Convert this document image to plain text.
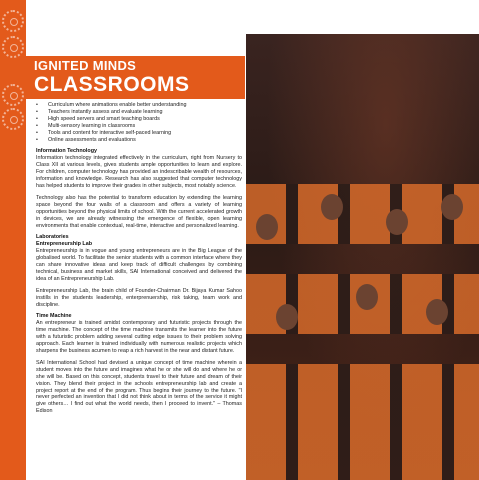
IGNITED MINDS
CLASSROOMS
• Curriculum where animations enable better understanding
• Teachers instantly assess and evaluate learning
• High speed servers and smart teaching boards
• Multi-sensory learning in classrooms
• Tools and content for interactive self-paced learning
• Online assessments and evaluations
Information Technology

Information technology integrated effectively in the curriculum, right from Nursery to Class XII at various levels, gives students ample opportunities to learn and explore. For children, computer technology has provided an indescribable wealth of resources, information and knowledge. Research has also suggested that computer technology has helped students to improve their grades in other subjects, most notably science.

Technology also has the potential to transform education by extending the learning space beyond the four walls of a classroom and offers a variety of learning opportunities beyond the physical limits of school. With the current accelerated growth in devices, we are already witnessing the emergence of flexible, open learning environments that enable contextual, real-time, interactive and personalized learning.

Laboratories
Entrepreneurship Lab

Entrepreneurship is in vogue and young entrepreneurs are in the Big League of the globalised world. To facilitate the senior students with a common interface where they can share innovative ideas and keep track of difficult challenges by combining technical, business and market skills, SAI International conceived and delivered the idea of an Entrepreneurship Lab.

Entrepreneurship Lab, the brain child of Founder-Chairman Dr. Bijaya Kumar Sahoo instills in the students leadership, enterprenuership, risk taking, team work and discipline.

Time Machine

An entrepreneur is trained amidst contemporary and futuristic projects through the time machine. The concept of the time machine transmits the learner into the future with a futuristic problem adding several cutting edge issues to their problem solving approach. Each learner is trained individually with numerous realistic projects which sharpens the business acumen to reap a rich harvest in the near and distant future.

SAI International School had devised a unique concept of time machine wherein a student moves into the future and imagines what he or she will do and where he or she will be. Based on this concept, students travel to their future and dream of their vision. They blend their project in the schools entrepreneurship lab and create a project report at the end of the program. Thus begins their journey to the future. "I never perfected an invention that I did not think about in terms of the service it might give others… I find out what the world needs, then I proceed to invent." – Thomas Edison
